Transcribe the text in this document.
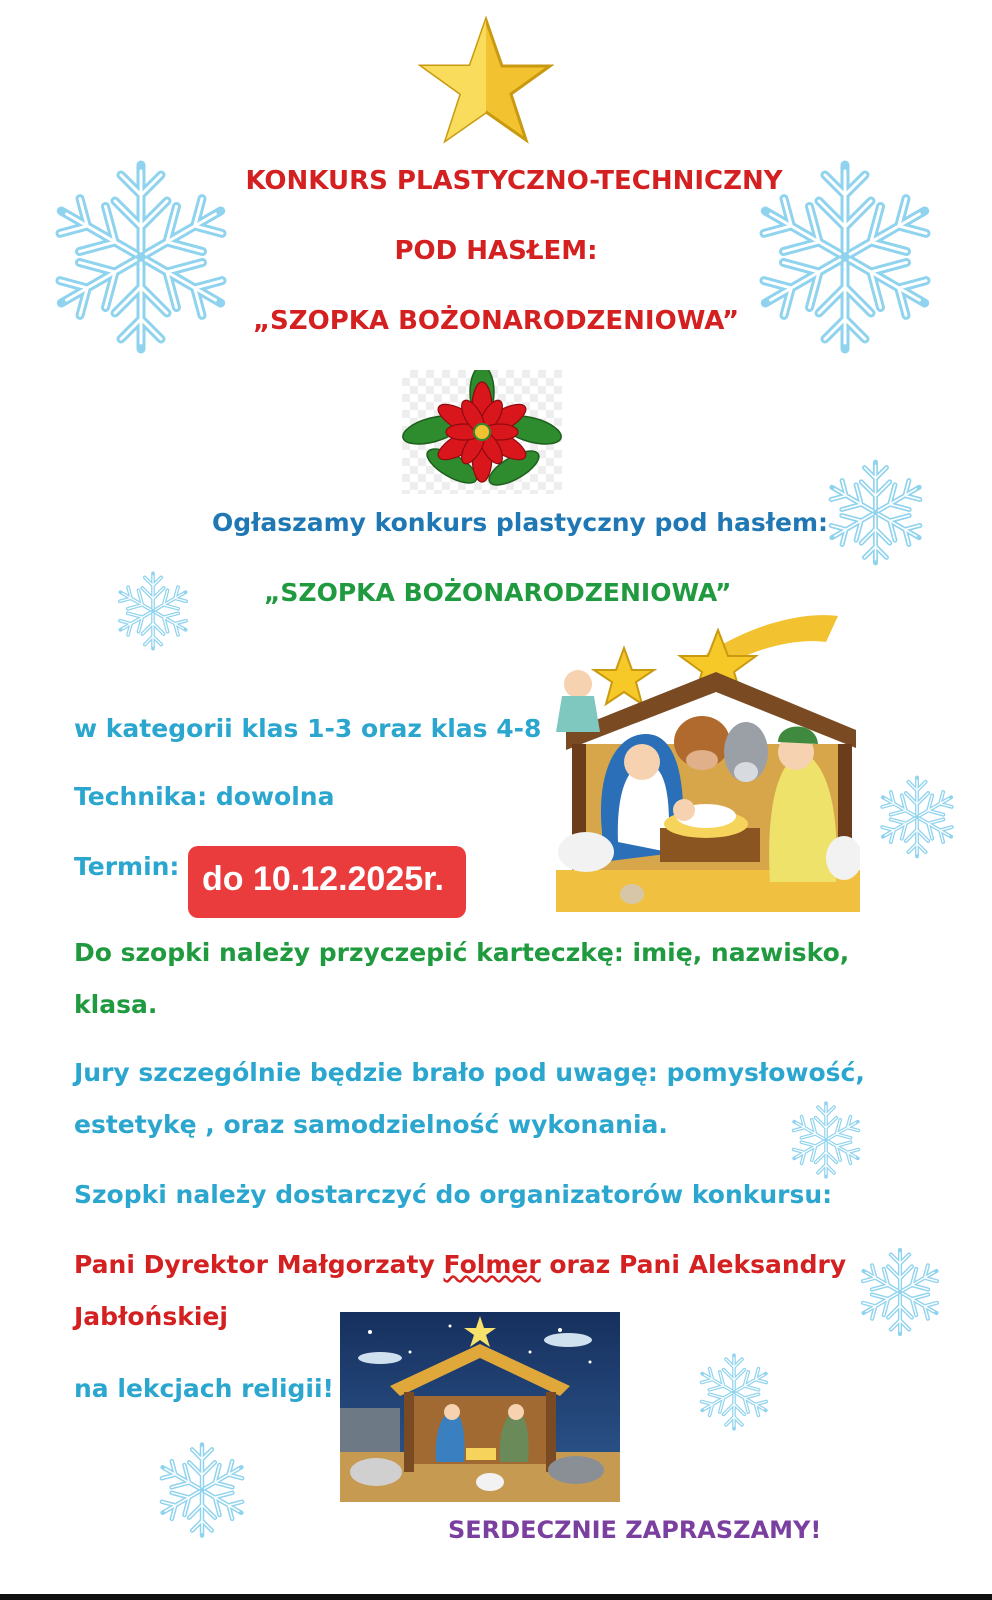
KONKURS PLASTYCZNO-TECHNICZNY
POD HASŁEM:
„SZOPKA BOŻONARODZENIOWA”
Ogłaszamy konkurs plastyczny pod hasłem:
„SZOPKA BOŻONARODZENIOWA”
w kategorii klas 1-3 oraz klas 4-8
Technika: dowolna
Termin: do 10.12.2025r.
Do szopki należy przyczepić karteczkę: imię, nazwisko,
klasa.
Jury szczególnie będzie brało pod uwagę: pomysłowość,
estetykę , oraz samodzielność wykonania.
Szopki należy dostarczyć do organizatorów konkursu:
Pani Dyrektor Małgorzaty Folmer oraz Pani Aleksandry
Jabłońskiej
na lekcjach religii!
SERDECZNIE ZAPRASZAMY!
